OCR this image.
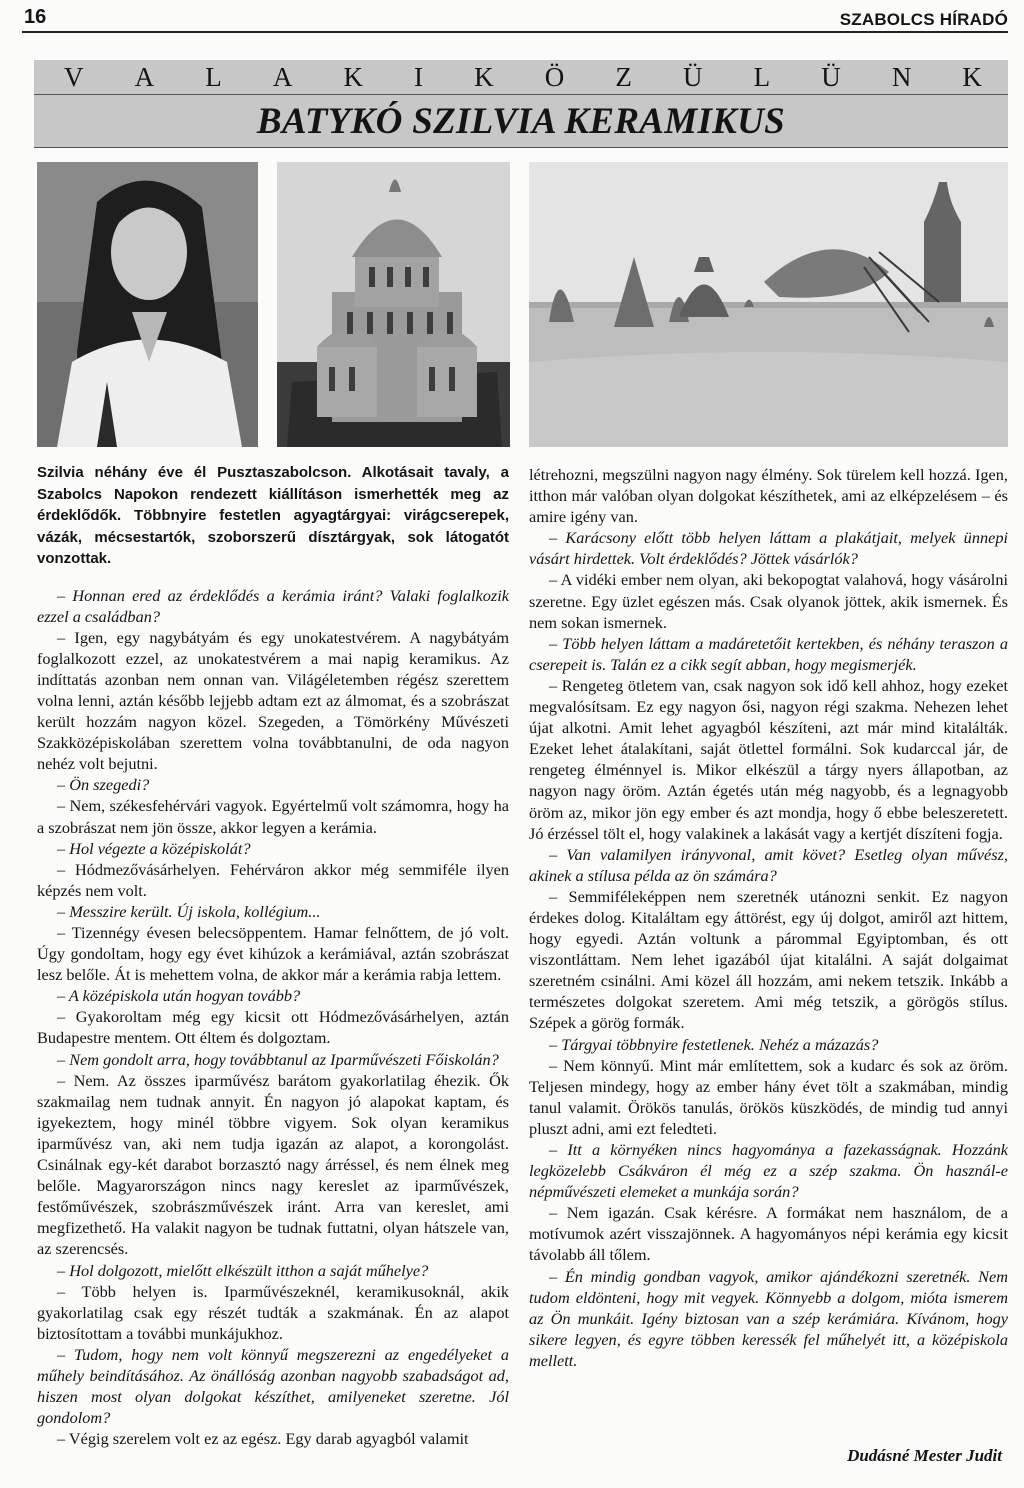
16	SZABOLCS HÍRADÓ
V A L A K I K Ö Z Ü L Ü N K
BATYKÓ SZILVIA KERAMIKUS

Szilvia néhány éve él Pusztaszabolcson. Alkotásait tavaly, a Szabolcs Napokon rendezett kiállításon ismerhették meg az érdeklődők. Többnyire festetlen agyagtárgyai: virágcserepek, vázák, mécsestartók, szoborszerű dísztárgyak, sok látogatót vonzottak.

– Honnan ered az érdeklődés a kerámia iránt? Valaki foglalkozik ezzel a családban?

– Igen, egy nagybátyám és egy unokatestvérem. A nagybátyám foglalkozott ezzel, az unokatestvérem a mai napig keramikus. Az indíttatás azonban nem onnan van. Világéletemben régész szerettem volna lenni, aztán később lejjebb adtam ezt az álmomat, és a szobrászat került hozzám nagyon közel. Szegeden, a Tömörkény Művészeti Szakközépiskolában szerettem volna továbbtanulni, de oda nagyon nehéz volt bejutni.

– Ön szegedi?

– Nem, székesfehérvári vagyok. Egyértelmű volt számomra, hogy ha a szobrászat nem jön össze, akkor legyen a kerámia.

– Hol végezte a középiskolát?

– Hódmezővásárhelyen. Fehérváron akkor még semmiféle ilyen képzés nem volt.

– Messzire került. Új iskola, kollégium...

– Tizennégy évesen belecsöppentem. Hamar felnőttem, de jó volt. Úgy gondoltam, hogy egy évet kihúzok a kerámiával, aztán szobrászat lesz belőle. Át is mehettem volna, de akkor már a kerámia rabja lettem.

– A középiskola után hogyan tovább?

– Gyakoroltam még egy kicsit ott Hódmezővásárhelyen, aztán Budapestre mentem. Ott éltem és dolgoztam.

– Nem gondolt arra, hogy továbbtanul az Iparművészeti Főiskolán?

– Nem. Az összes iparművész barátom gyakorlatilag éhezik. Ők szakmailag nem tudnak annyit. Én nagyon jó alapokat kaptam, és igyekeztem, hogy minél többre vigyem. Sok olyan keramikus iparművész van, aki nem tudja igazán az alapot, a korongolást. Csinálnak egy-két darabot borzasztó nagy árréssel, és nem élnek meg belőle. Magyarországon nincs nagy kereslet az iparművészek, festőművészek, szobrászművészek iránt. Arra van kereslet, ami megfizethető. Ha valakit nagyon be tudnak futtatni, olyan hátszele van, az szerencsés.

– Hol dolgozott, mielőtt elkészült itthon a saját műhelye?

– Több helyen is. Iparművészeknél, keramikusoknál, akik gyakorlatilag csak egy részét tudták a szakmának. Én az alapot biztosítottam a további munkájukhoz.

– Tudom, hogy nem volt könnyű megszerezni az engedélyeket a műhely beindításához. Az önállóság azonban nagyobb szabadságot ad, hiszen most olyan dolgokat készíthet, amilyeneket szeretne. Jól gondolom?

– Végig szerelem volt ez az egész. Egy darab agyagból valamit

létrehozni, megszülni nagyon nagy élmény. Sok türelem kell hozzá. Igen, itthon már valóban olyan dolgokat készíthetek, ami az elképzelésem – és amire igény van.

– Karácsony előtt több helyen láttam a plakátjait, melyek ünnepi vásárt hirdettek. Volt érdeklődés? Jöttek vásárlók?

– A vidéki ember nem olyan, aki bekopogtat valahová, hogy vásárolni szeretne. Egy üzlet egészen más. Csak olyanok jöttek, akik ismernek. És nem sokan ismernek.

– Több helyen láttam a madáretetőit kertekben, és néhány teraszon a cserepeit is. Talán ez a cikk segít abban, hogy megismerjék.

– Rengeteg ötletem van, csak nagyon sok idő kell ahhoz, hogy ezeket megvalósítsam. Ez egy nagyon ősi, nagyon régi szakma. Nehezen lehet újat alkotni. Amit lehet agyagból készíteni, azt már mind kitalálták. Ezeket lehet átalakítani, saját ötlettel formálni. Sok kudarccal jár, de rengeteg élménnyel is. Mikor elkészül a tárgy nyers állapotban, az nagyon nagy öröm. Aztán égetés után még nagyobb, és a legnagyobb öröm az, mikor jön egy ember és azt mondja, hogy ő ebbe beleszeretett. Jó érzéssel tölt el, hogy valakinek a lakását vagy a kertjét díszíteni fogja.

– Van valamilyen irányvonal, amit követ? Esetleg olyan művész, akinek a stílusa példa az ön számára?

– Semmiféleképpen nem szeretnék utánozni senkit. Ez nagyon érdekes dolog. Kitaláltam egy áttörést, egy új dolgot, amiről azt hittem, hogy egyedi. Aztán voltunk a párommal Egyiptomban, és ott viszontláttam. Nem lehet igazából újat kitalálni. A saját dolgaimat szeretném csinálni. Ami közel áll hozzám, ami nekem tetszik. Inkább a természetes dolgokat szeretem. Ami még tetszik, a görögös stílus. Szépek a görög formák.

– Tárgyai többnyire festetlenek. Nehéz a mázazás?

– Nem könnyű. Mint már említettem, sok a kudarc és sok az öröm. Teljesen mindegy, hogy az ember hány évet tölt a szakmában, mindig tanul valamit. Örökös tanulás, örökös küszködés, de mindig tud annyi pluszt adni, ami ezt feledteti.

– Itt a környéken nincs hagyománya a fazekasságnak. Hozzánk legközelebb Csákváron él még ez a szép szakma. Ön használ-e népművészeti elemeket a munkája során?

– Nem igazán. Csak kérésre. A formákat nem használom, de a motívumok azért visszajönnek. A hagyományos népi kerámia egy kicsit távolabb áll tőlem.

– Én mindig gondban vagyok, amikor ajándékozni szeretnék. Nem tudom eldönteni, hogy mit vegyek. Könnyebb a dolgom, mióta ismerem az Ön munkáit. Igény biztosan van a szép kerámiára. Kívánom, hogy sikere legyen, és egyre többen keressék fel műhelyét itt, a középiskola mellett.

Dudásné Mester Judit
